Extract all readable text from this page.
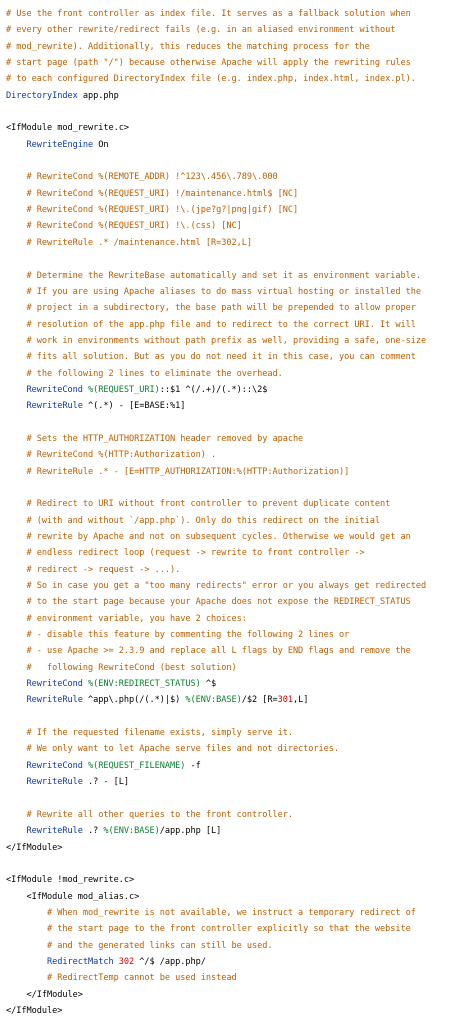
# Use the front controller as index file. It serves as a fallback solution when
# every other rewrite/redirect fails (e.g. in an aliased environment without
# mod_rewrite). Additionally, this reduces the matching process for the
# start page (path "/") because otherwise Apache will apply the rewriting rules
# to each configured DirectoryIndex file (e.g. index.php, index.html, index.pl).
DirectoryIndex app.php
<IfModule mod_rewrite.c>
RewriteEngine On
# RewriteCond %(REMOTE_ADDR) !^123\.456\.789\.000
# RewriteCond %(REQUEST_URI) !/maintenance.html$ [NC]
# RewriteCond %(REQUEST_URI) !\.(jpe?g?|png|gif) [NC]
# RewriteCond %(REQUEST_URI) !\.(css) [NC]
# RewriteRule .* /maintenance.html [R=302,L]
# Determine the RewriteBase automatically and set it as environment variable.
# If you are using Apache aliases to do mass virtual hosting or installed the
# project in a subdirectory, the base path will be prepended to allow proper
# resolution of the app.php file and to redirect to the correct URI. It will
# work in environments without path prefix as well, providing a safe, one-size
# fits all solution. But as you do not need it in this case, you can comment
# the following 2 lines to eliminate the overhead.
RewriteCond %(REQUEST_URI)::$1 ^(/.+)/(.*)::\2$
RewriteRule ^(.*) - [E=BASE:%1]
# Sets the HTTP_AUTHORIZATION header removed by apache
# RewriteCond %(HTTP:Authorization) .
# RewriteRule .* - [E=HTTP_AUTHORIZATION:%(HTTP:Authorization)]
# Redirect to URI without front controller to prevent duplicate content
# (with and without `/app.php`). Only do this redirect on the initial
# rewrite by Apache and not on subsequent cycles. Otherwise we would get an
# endless redirect loop (request -> rewrite to front controller ->
# redirect -> request -> ...).
# So in case you get a "too many redirects" error or you always get redirected
# to the start page because your Apache does not expose the REDIRECT_STATUS
# environment variable, you have 2 choices:
# - disable this feature by commenting the following 2 lines or
# - use Apache >= 2.3.9 and replace all L flags by END flags and remove the
#   following RewriteCond (best solution)
RewriteCond %(ENV:REDIRECT_STATUS) ^$
RewriteRule ^app\.php(/(.*)|$) %(ENV:BASE)/$2 [R=301,L]
# If the requested filename exists, simply serve it.
# We only want to let Apache serve files and not directories.
RewriteCond %(REQUEST_FILENAME) -f
RewriteRule .? - [L]
# Rewrite all other queries to the front controller.
RewriteRule .? %(ENV:BASE)/app.php [L]
</IfModule>
<IfModule !mod_rewrite.c>
<IfModule mod_alias.c>
# When mod_rewrite is not available, we instruct a temporary redirect of
# the start page to the front controller explicitly so that the website
# and the generated links can still be used.
RedirectMatch 302 ^/$ /app.php/
# RedirectTemp cannot be used instead
</IfModule>
</IfModule>
